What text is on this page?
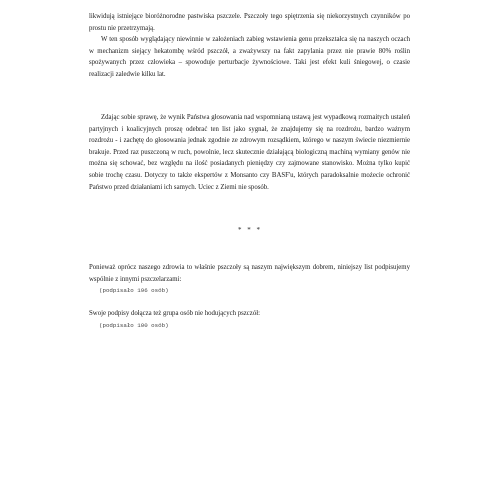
likwidują istniejące bioróżnorodne pastwiska pszczele. Pszczoły tego spiętrzenia się niekorzystnych czynników po prostu nie przetrzymają.

W ten sposób wyglądający niewinnie w założeniach zabieg wstawienia genu przekształca się na naszych oczach w mechanizm siejący hekatombę wśród pszczół, a zważywszy na fakt zapylania przez nie prawie 80% roślin spożywanych przez człowieka – spowoduje perturbacje żywnościowe. Taki jest efekt kuli śniegowej, o czasie realizacji zaledwie kilku lat.

Zdając sobie sprawę, że wynik Państwa głosowania nad wspomnianą ustawą jest wypadkową rozmaitych ustaleń partyjnych i koalicyjnych proszę odebrać ten list jako sygnał, że znajdujemy się na rozdrożu, bardzo ważnym rozdrożu - i zachętę do głosowania jednak zgodnie ze zdrowym rozsądkiem, którego w naszym świecie niezmiernie brakuje. Przed raz puszczoną w ruch, powolnie, lecz skutecznie działającą biologiczną machiną wymiany genów nie można się schować, bez względu na ilość posiadanych pieniędzy czy zajmowane stanowisko. Można tylko kupić sobie trochę czasu. Dotyczy to także ekspertów z Monsanto czy BASF'u, których paradoksalnie możecie ochronić Państwo przed działaniami ich samych. Uciec z Ziemi nie sposób.

* * *

Ponieważ oprócz naszego zdrowia to właśnie pszczoły są naszym największym dobrem, niniejszy list podpisujemy wspólnie z innymi pszczelarzami:

(podpisało 196 osób)

Swoje podpisy dołącza też grupa osób nie hodujących pszczół:

(podpisało 100 osób)
